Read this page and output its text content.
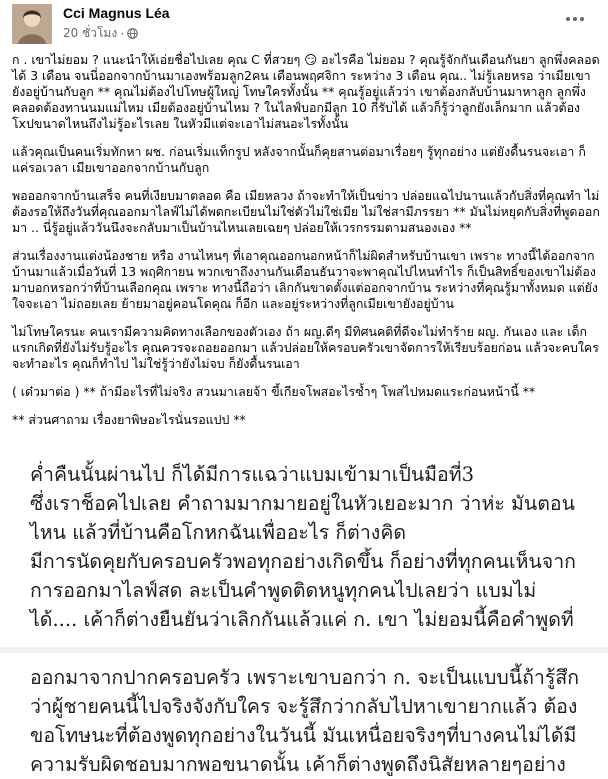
Cci Magnus Léa
20 ชั่วโมง ·

ก . เขาไม่ยอม ? แนะนำให้เอ่ยชื่อไปเลย คุณ C ที่สวยๆ 😏 อะไรคือ ไม่ยอม ? คุณรู้จักกันเดือนกันยา ลูกพึ่งคลอดได้ 3 เดือน จนนี่ออกจากบ้านมาเองพร้อมลูก2คน เดือนพฤศจิกา ระหว่าง 3 เดือน คุณ.. ไม่รู้เลยหรอ ว่าเมียเขายังอยู่บ้านกับลูก ** คุณไม่ต้องไปโทษผู้ใหญ่ โทษใครทั้งนั้น ** คุณรู้อยู่แล้วว่า เขาต้องกลับบ้านมาหาลูก ลูกพึ่งคลอดต้องทานนมแม่ไหม เมียต้องอยู่บ้านไหม ? ในไลฟ์บอกมีลูก 10 กี่รับได้ แล้วก็รู้ว่าลูกยังเล็กมาก แล้วต้อง โxปขนาดไหนถึงไม่รู้อะไรเลย ในหัวมีแต่จะเอาไม่สนอะไรทั้งนั้น

แล้วคุณเป็นคนเริ่มทักหา ผช. ก่อนเริ่มแท็กรูป หลังจากนั้นก็คุยสานต่อมาเรื่อยๆ รู้ทุกอย่าง แต่ยังดื้นรนจะเอา ก็แค่รอเวลา เมียเขาออกจากบ้านกับลูก

พอออกจากบ้านเสร็จ คนที่เงียบมาตลอด คือ เมียหลวง ถ้าจะทำให้เป็นข่าว ปล่อยแฉไปนานแล้วกับสิ่งที่คุณทำ ไม่ต้องรอให้ถึงวันที่คุณออกมาไลฟ์ไม่ได้พดกะเบียนไม่ใช่ตัวไม่ใช่เมีย ไม่ใช่สามีภรรยา ** มันไม่หยุดกับสิ่งที่พูดออกมา .. นี่รู้อยู่แล้ววันนึงจะกลับมาเป็นบ้านไหนเลยเฉยๆ ปล่อยให้เวรกรรมตามสนองเอง **

ส่วนเรื่องงานแต่งน้องชาย หรือ งานไหนๆ ที่เอาคุณออกนอกหน้าก็ไม่ผิดสำหรับบ้านเขา เพราะ ทางนี้ได้ออกจากบ้านมาแล้วเมื่อวันที่ 13 พฤศิกายน พวกเขาถึงงานกันเดือนธันวาจะพาคุณไปไหนทำไร ก็เป็นสิทธิ์ของเขาไม่ต้องมาบอกหรอกว่าที่บ้านเลือกคุณ เพราะ ทางนี้ถือว่า เลิกกันขาดตั้งแต่ออกจากบ้าน ระหว่างที่คุณรู้มาทั้งหมด แต่ยังใจจะเอา ไม่ถอยเลย ย้ายมาอยู่คอนโดคุณ ก็อีก และอยู่ระหว่างที่ลูกเมียเขายังอยู่บ้าน

ไม่โทษใครนะ คนเรามีความคิดทางเลือกของตัวเอง ถ้า ผญ.ดีๆ มีทิศนคติที่ดีจะไม่ทำร้าย ผญ. กันเอง และ เด็ก แรกเกิดที่ยังไม่รับรู้อะไร คุณควรจะถอยออกมา แล้วปล่อยให้ครอบครัวเขาจัดการให้เรียบร้อยก่อน แล้วจะคบใคร จะทำอะไร คุณก็ทำไป ไม่ใช่รู้ว่ายังไม่จบ ก็ยังดื้นรนเอา

( เด๋วมาต่อ ) ** ถ้ามีอะไรที่ไม่จริง สวนมาเลยจ้า ขี้เกียจโพสอะไรซ้ำๆ โพสไปหมดแระก่อนหน้านี้ **

** ส่วนศาถาม เรื่องยาพิษอะไรนั่นรอแปป **

ค่ำคืนนั้นผ่านไป ก็ได้มีการแฉว่าแบมเข้ามาเป็นมือที่3
ซึ่งเราช็อคไปเลย คำถามมากมายอยู่ในหัวเยอะมาก ว่าห่ะ มันตอน
ไหน แล้วที่บ้านคือโกหกฉันเพื่ออะไร ก็ต่างคิด
มีการนัดคุยกับครอบครัวพอทุกอย่างเกิดขึ้น ก็อย่างที่ทุกคนเห็นจาก
การออกมาไลฟ์สด ละเป็นคำพูดติดหนูทุกคนไปเลยว่า แบมไม่
ได้.... เค้าก็ต่างยืนยันว่าเลิกกันแล้วแค่ ก. เขา ไม่ยอมนี้คือคำพูดที่
ออกมาจากปากครอบครัว เพราะเขาบอกว่า ก. จะเป็นแบบนี้ถ้ารู้สึก
ว่าผู้ชายคนนี้ไปจริงจังกับใคร จะรู้สึกว่ากลับไปหาเขายากแล้ว ต้อง
ขอโทษนะที่ต้องพูดทุกอย่างในวันนี้ มันเหนื่อยจริงๆที่บางคนไม่ได้มี
ความรับผิดชอบมากพอขนาดนั้น เค้าก็ต่างพูดถึงนิสัยหลายๆอย่าง
